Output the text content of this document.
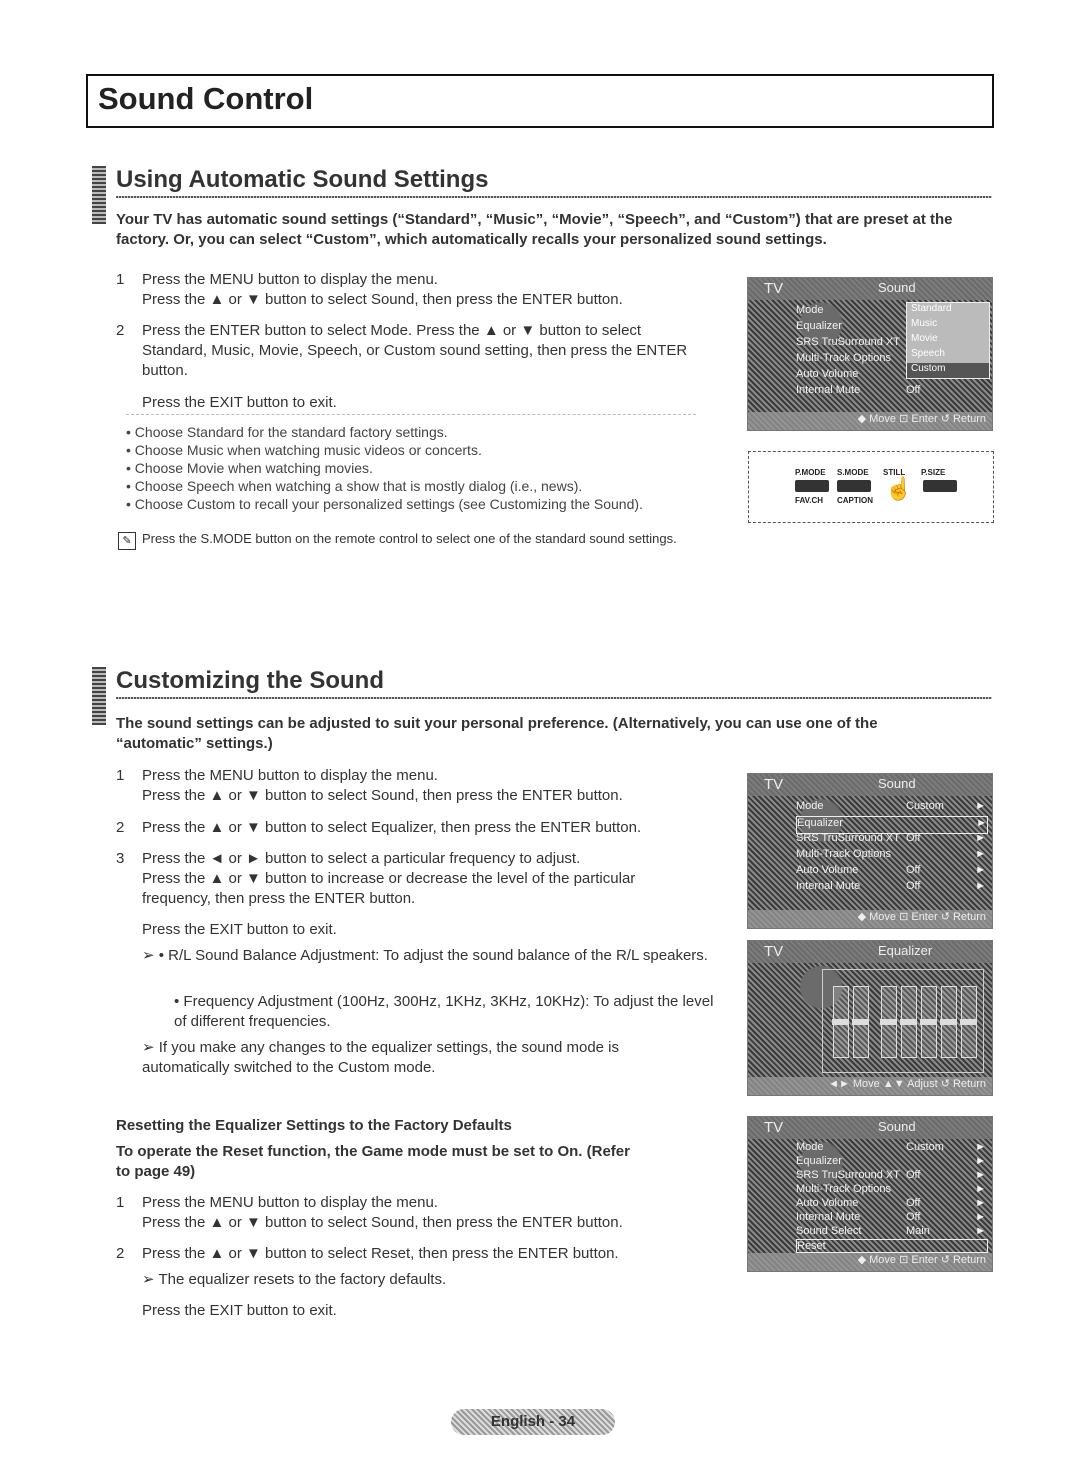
Sound Control
Using Automatic Sound Settings
Your TV has automatic sound settings (“Standard”, “Music”, “Movie”, “Speech”, and “Custom”) that are preset at the factory. Or, you can select “Custom”, which automatically recalls your personalized sound settings.
1 Press the MENU button to display the menu.
Press the ▲ or ▼ button to select Sound, then press the ENTER button.
2	Press the ENTER button to select Mode. Press the ▲ or ▼ button to select Standard, Music, Movie, Speech, or Custom sound setting, then press the ENTER button.
Press the EXIT button to exit.
• Choose Standard for the standard factory settings.
• Choose Music when watching music videos or concerts.
• Choose Movie when watching movies.
• Choose Speech when watching a show that is mostly dialog (i.e., news).
• Choose Custom to recall your personalized settings (see Customizing the Sound).
✎ Press the S.MODE button on the remote control to select one of the standard sound settings.
TV	Sound
Mode
Equalizer
SRS TruSurround XT
Multi-Track Options
Auto Volume
Internal Mute	Off
Standard
Music
Movie
Speech
Custom
◆ Move ⊡ Enter ↺ Return
P.MODE S.MODE STILL P.SIZE
FAV.CH CAPTION ☝
Customizing the Sound
The sound settings can be adjusted to suit your personal preference. (Alternatively, you can use one of the “automatic” settings.)
1 Press the MENU button to display the menu.
Press the ▲ or ▼ button to select Sound, then press the ENTER button.
2	Press the ▲ or ▼ button to select Equalizer, then press the ENTER button.
3 Press the ◄ or ► button to select a particular frequency to adjust.
Press the ▲ or ▼ button to increase or decrease the level of the particular frequency, then press the ENTER button.
Press the EXIT button to exit.
➢ • R/L Sound Balance Adjustment: To adjust the sound balance of the R/L speakers.
• Frequency Adjustment (100Hz, 300Hz, 1KHz, 3KHz, 10KHz): To adjust the level of different frequencies.
➢ If you make any changes to the equalizer settings, the sound mode is automatically switched to the Custom mode.
TV	Sound
Mode	Custom	►
Equalizer	►
SRS TruSurround XT Off	►
Multi-Track Options	►
Auto Volume	Off	►
Internal Mute	Off	►
◆ Move ⊡ Enter ↺ Return
TV	Equalizer
◄► Move ▲▼ Adjust ↺ Return
Resetting the Equalizer Settings to the Factory Defaults
To operate the Reset function, the Game mode must be set to On. (Refer to page 49)
1 Press the MENU button to display the menu.
Press the ▲ or ▼ button to select Sound, then press the ENTER button.
2	Press the ▲ or ▼ button to select Reset, then press the ENTER button.
➢ The equalizer resets to the factory defaults.
Press the EXIT button to exit.
TV	Sound
Mode	Custom	►
Equalizer	►
SRS TruSurround XT Off	►
Multi-Track Options	►
Auto Volume	Off	►
Internal Mute	Off	►
Sound Select	Main	►
Reset
◆ Move ⊡ Enter ↺ Return
English - 34
